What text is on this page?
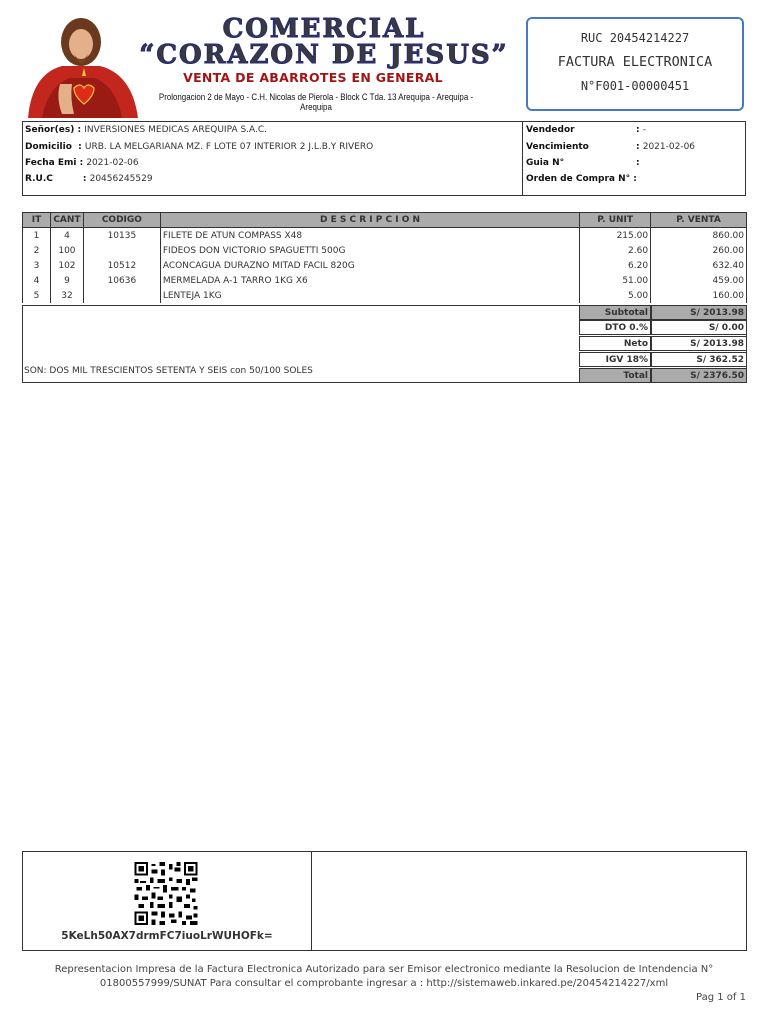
COMERCIAL
“CORAZON DE JESUS”
VENTA DE ABARROTES EN GENERAL
Prolongacion 2 de Mayo - C.H. Nicolas de Pierola - Block C Tda. 13 Arequipa - Arequipa - Arequipa
RUC 20454214227
FACTURA ELECTRONICA
N°F001-00000451
Señor(es) : INVERSIONES MEDICAS AREQUIPA S.A.C.
Domicilio  : URB. LA MELGARIANA MZ. F LOTE 07 INTERIOR 2 J.L.B.Y RIVERO
Fecha Emi : 2021-02-06
R.U.C	: 20456245529
Vendedor	: -
Vencimiento	: 2021-02-06
Guia N°	:
Orden de Compra N° :
IT	CANT	CODIGO	D E S C R I P C I O N	P. UNIT	P. VENTA
1	4	10135	FILETE DE ATUN COMPASS X48	215.00	860.00
2	100		FIDEOS DON VICTORIO SPAGUETTI 500G	2.60	260.00
3	102	10512	ACONCAGUA DURAZNO MITAD FACIL 820G	6.20	632.40
4	9	10636	MERMELADA A-1 TARRO 1KG X6	51.00	459.00
5	32		LENTEJA 1KG	5.00	160.00
Subtotal	S/ 2013.98
DTO 0.%	S/ 0.00
Neto	S/ 2013.98
IGV 18%	S/ 362.52
Total	S/ 2376.50
SON: DOS MIL TRESCIENTOS SETENTA Y SEIS con 50/100 SOLES
5KeLh50AX7drmFC7iuoLrWUHOFk=
Representacion Impresa de la Factura Electronica Autorizado para ser Emisor electronico mediante la Resolucion de Intendencia N° 01800557999/SUNAT Para consultar el comprobante ingresar a : http://sistemaweb.inkared.pe/20454214227/xml
Pag 1 of 1
